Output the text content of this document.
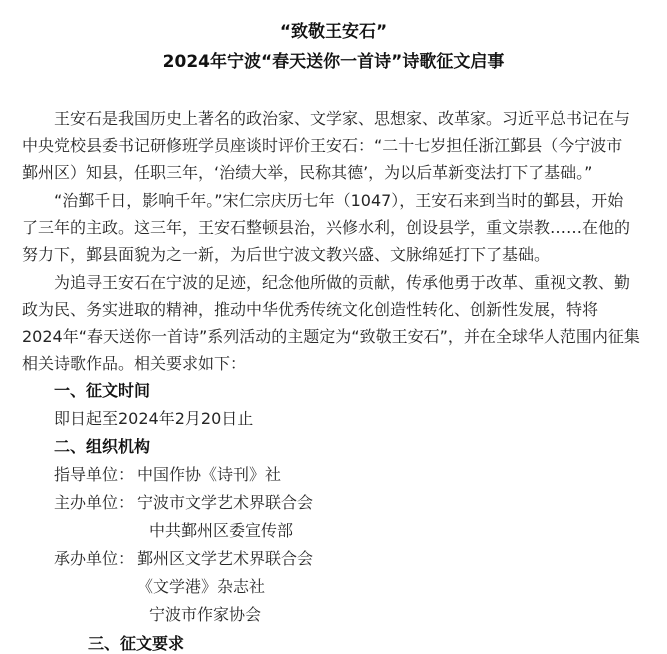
“致敬王安石”
2024年宁波“春天送你一首诗”诗歌征文启事
王安石是我国历史上著名的政治家、文学家、思想家、改革家。习近平总书记在与
中央党校县委书记研修班学员座谈时评价王安石：“二十七岁担任浙江鄞县（今宁波市
鄞州区）知县，任职三年，‘治绩大举，民称其德’，为以后革新变法打下了基础。”
“治鄞千日，影响千年。”宋仁宗庆历七年（1047），王安石来到当时的鄞县，开始
了三年的主政。这三年，王安石整顿县治，兴修水利，创设县学，重文崇教……在他的
努力下，鄞县面貌为之一新，为后世宁波文教兴盛、文脉绵延打下了基础。
为追寻王安石在宁波的足迹，纪念他所做的贡献，传承他勇于改革、重视文教、勤
政为民、务实进取的精神，推动中华优秀传统文化创造性转化、创新性发展，特将
2024年“春天送你一首诗”系列活动的主题定为“致敬王安石”，并在全球华人范围内征集
相关诗歌作品。相关要求如下：
一、征文时间
即日起至2024年2月20日止
二、组织机构
指导单位： 中国作协《诗刊》社
主办单位： 宁波市文学艺术界联合会
中共鄞州区委宣传部
承办单位： 鄞州区文学艺术界联合会
《文学港》杂志社
宁波市作家协会
三、征文要求
